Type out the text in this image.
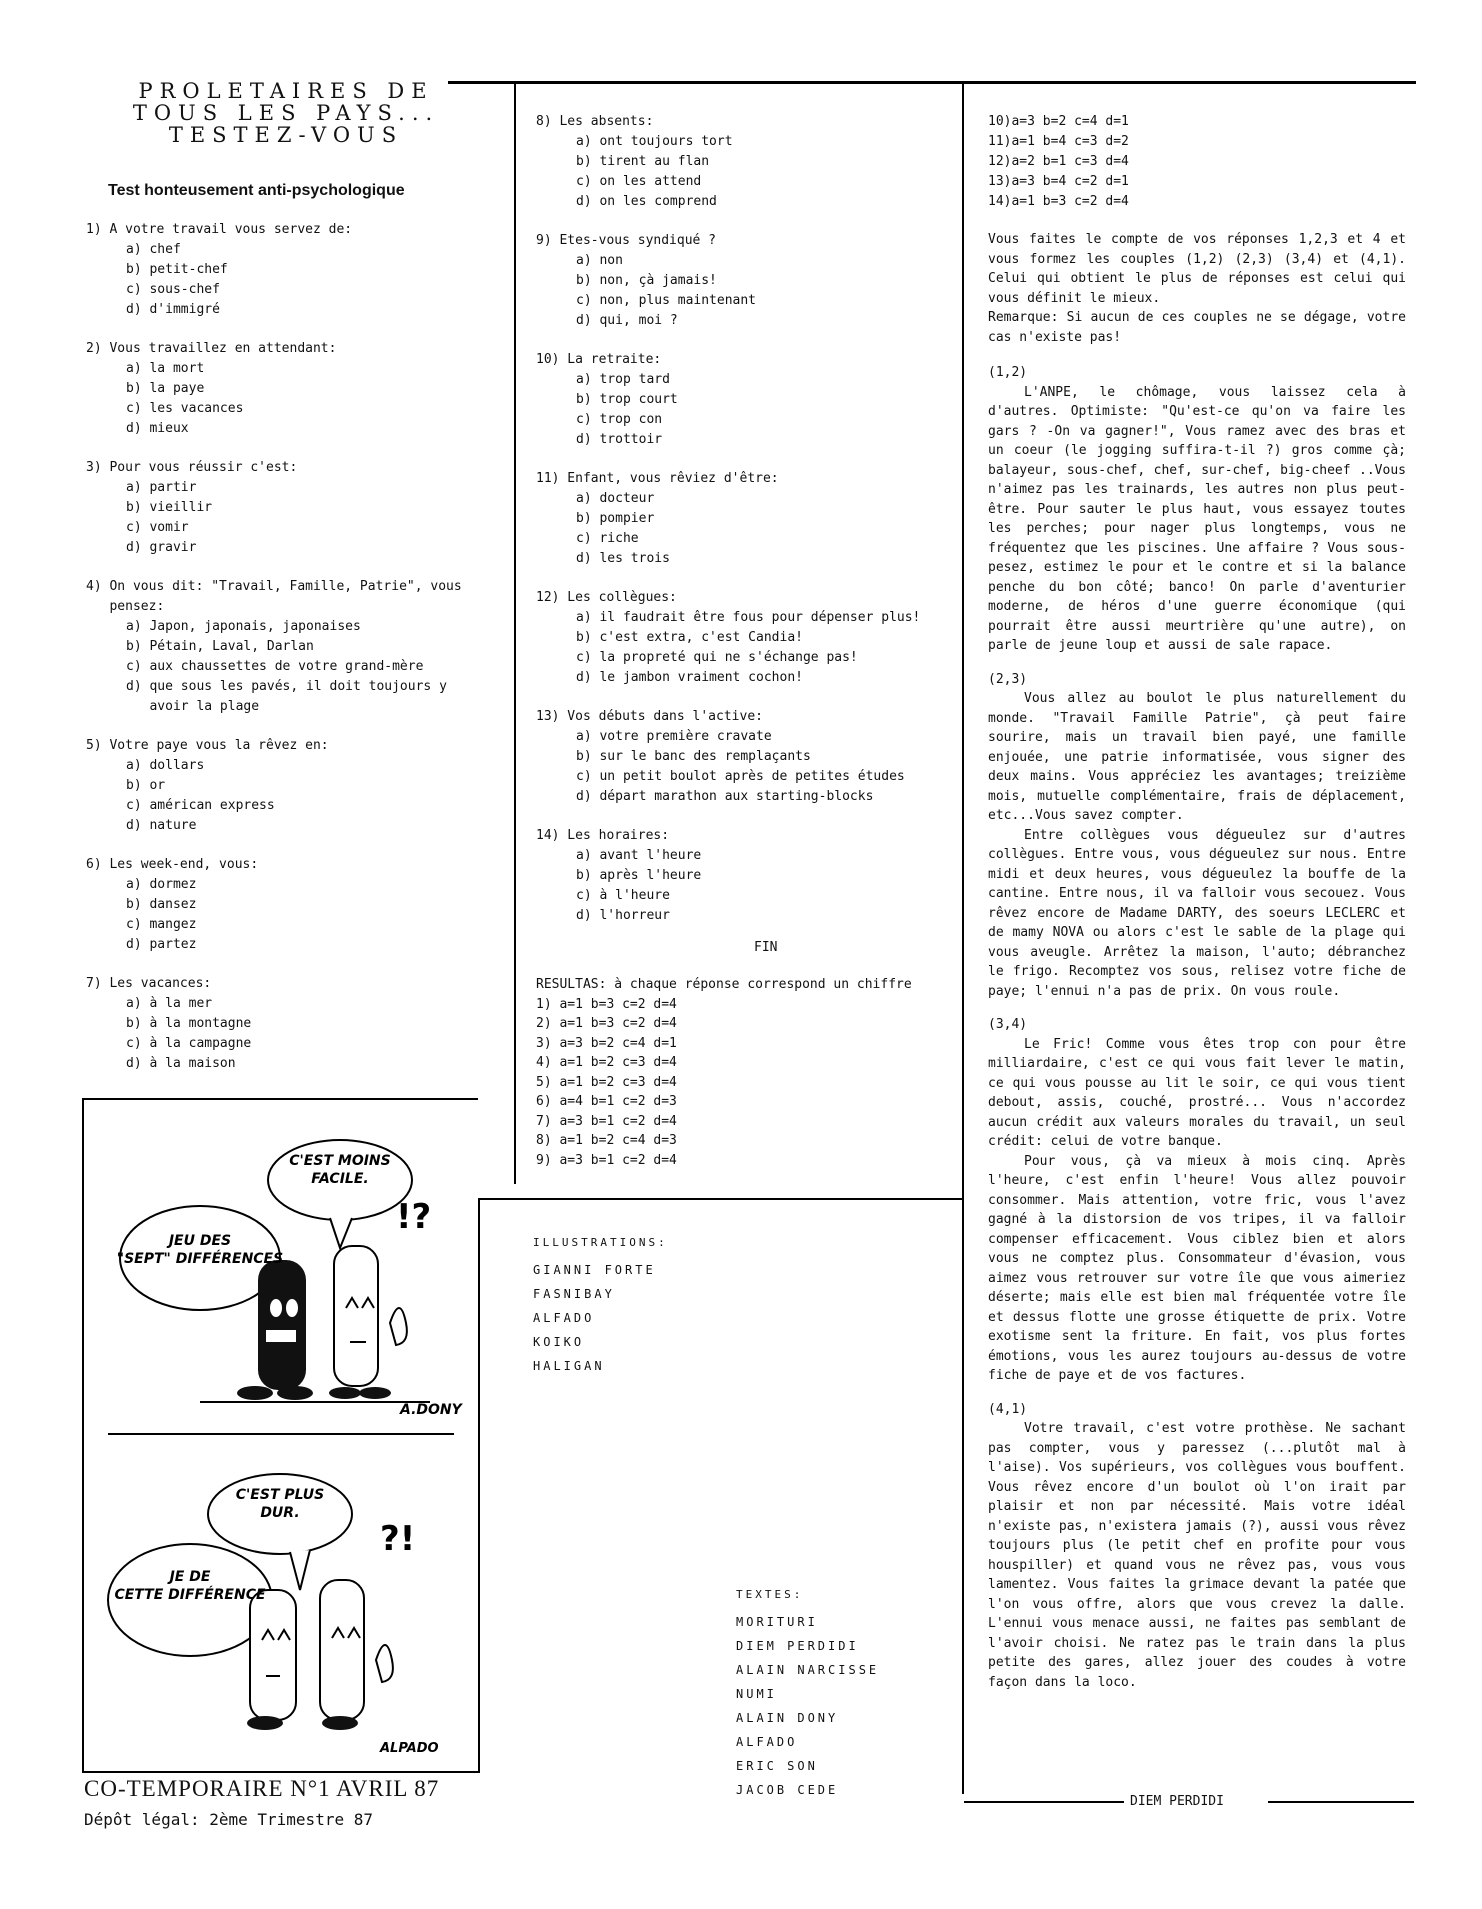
PROLETAIRES DE
TOUS LES PAYS...
TESTEZ-VOUS
Test honteusement anti-psychologique
1) A votre travail vous servez de:
a) chef
b) petit-chef
c) sous-chef
d) d'immigré
2) Vous travaillez en attendant:
a) la mort
b) la paye
c) les vacances
d) mieux
3) Pour vous réussir c'est:
a) partir
b) vieillir
c) vomir
d) gravir
4) On vous dit: "Travail, Famille, Patrie", vous
pensez:
a) Japon, japonais, japonaises
b) Pétain, Laval, Darlan
c) aux chaussettes de votre grand-mère
d) que sous les pavés, il doit toujours y
avoir la plage
5) Votre paye vous la rêvez en:
a) dollars
b) or
c) américan express
d) nature
6) Les week-end, vous:
a) dormez
b) dansez
c) mangez
d) partez
7) Les vacances:
a) à la mer
b) à la montagne
c) à la campagne
d) à la maison
8) Les absents:
a) ont toujours tort
b) tirent au flan
c) on les attend
d) on les comprend
9) Etes-vous syndiqué ?
a) non
b) non, çà jamais!
c) non, plus maintenant
d) qui, moi ?
10) La retraite:
a) trop tard
b) trop court
c) trop con
d) trottoir
11) Enfant, vous rêviez d'être:
a) docteur
b) pompier
c) riche
d) les trois
12) Les collègues:
a) il faudrait être fous pour dépenser plus!
b) c'est extra, c'est Candia!
c) la propreté qui ne s'échange pas!
d) le jambon vraiment cochon!
13) Vos débuts dans l'active:
a) votre première cravate
b) sur le banc des remplaçants
c) un petit boulot après de petites études
d) départ marathon aux starting-blocks
14) Les horaires:
a) avant l'heure
b) après l'heure
c) à l'heure
d) l'horreur
FIN
RESULTAS: à chaque réponse correspond un chiffre
1) a=1 b=3 c=2 d=4
2) a=1 b=3 c=2 d=4
3) a=3 b=2 c=4 d=1
4) a=1 b=2 c=3 d=4
5) a=1 b=2 c=3 d=4
6) a=4 b=1 c=2 d=3
7) a=3 b=1 c=2 d=4
8) a=1 b=2 c=4 d=3
9) a=3 b=1 c=2 d=4
10)a=3 b=2 c=4 d=1
11)a=1 b=4 c=3 d=2
12)a=2 b=1 c=3 d=4
13)a=3 b=4 c=2 d=1
14)a=1 b=3 c=2 d=4
Vous faites le compte de vos réponses 1,2,3 et 4 et vous formez les couples (1,2) (2,3) (3,4) et (4,1). Celui qui obtient le plus de réponses est celui qui vous définit le mieux.
Remarque: Si aucun de ces couples ne se dégage, votre cas n'existe pas!
(1,2)
L'ANPE, le chômage, vous laissez cela à d'autres. Optimiste: "Qu'est-ce qu'on va faire les gars ? -On va gagner!", Vous ramez avec des bras et un coeur (le jogging suffira-t-il ?) gros comme çà; balayeur, sous-chef, chef, sur-chef, big-cheef ..Vous n'aimez pas les trainards, les autres non plus peut-être. Pour sauter le plus haut, vous essayez toutes les perches; pour nager plus longtemps, vous ne fréquentez que les piscines. Une affaire ? Vous sous-pesez, estimez le pour et le contre et si la balance penche du bon côté; banco! On parle d'aventurier moderne, de héros d'une guerre économique (qui pourrait être aussi meurtrière qu'une autre), on parle de jeune loup et aussi de sale rapace.
(2,3)
Vous allez au boulot le plus naturellement du monde. "Travail Famille Patrie", çà peut faire sourire, mais un travail bien payé, une famille enjouée, une patrie informatisée, vous signer des deux mains. Vous appréciez les avantages; treizième mois, mutuelle complémentaire, frais de déplacement, etc...Vous savez compter.
Entre collègues vous dégueulez sur d'autres collègues. Entre vous, vous dégueulez sur nous. Entre midi et deux heures, vous dégueulez la bouffe de la cantine. Entre nous, il va falloir vous secouez. Vous rêvez encore de Madame DARTY, des soeurs LECLERC et de mamy NOVA ou alors c'est le sable de la plage qui vous aveugle. Arrêtez la maison, l'auto; débranchez le frigo. Recomptez vos sous, relisez votre fiche de paye; l'ennui n'a pas de prix. On vous roule.
(3,4)
Le Fric! Comme vous êtes trop con pour être milliardaire, c'est ce qui vous fait lever le matin, ce qui vous pousse au lit le soir, ce qui vous tient debout, assis, couché, prostré... Vous n'accordez aucun crédit aux valeurs morales du travail, un seul crédit: celui de votre banque.
Pour vous, çà va mieux à mois cinq. Après l'heure, c'est enfin l'heure! Vous allez pouvoir consommer. Mais attention, votre fric, vous l'avez gagné à la distorsion de vos tripes, il va falloir compenser efficacement. Vous ciblez bien et alors vous ne comptez plus. Consommateur d'évasion, vous aimez vous retrouver sur votre île que vous aimeriez déserte; mais elle est bien mal fréquentée votre île et dessus flotte une grosse étiquette de prix. Votre exotisme sent la friture. En fait, vos plus fortes émotions, vous les aurez toujours au-dessus de votre fiche de paye et de vos factures.
(4,1)
Votre travail, c'est votre prothèse. Ne sachant pas compter, vous y paressez (...plutôt mal à l'aise). Vos supérieurs, vos collègues vous bouffent. Vous rêvez encore d'un boulot où l'on irait par plaisir et non par nécessité. Mais votre idéal n'existe pas, n'existera jamais (?), aussi vous rêvez toujours plus (le petit chef en profite pour vous houspiller) et quand vous ne rêvez pas, vous vous lamentez. Vous faites la grimace devant la patée que l'on vous offre, alors que vous crevez la dalle. L'ennui vous menace aussi, ne faites pas semblant de l'avoir choisi. Ne ratez pas le train dans la plus petite des gares, allez jouer des coudes à votre façon dans la loco.
DIEM PERDIDI
C'EST MOINS FACILE.
JEU DES "SEPT" DIFFÉRENCES
!?
A.DONY
C'EST PLUS DUR.
JE DE CETTE DIFFÉRENCE
?!
ALPADO
ILLUSTRATIONS:
GIANNI FORTE
FASNIBAY
ALFADO
KOIKO
HALIGAN
TEXTES:
MORITURI
DIEM PERDIDI
ALAIN NARCISSE
NUMI
ALAIN DONY
ALFADO
ERIC SON
JACOB CEDE
CO-TEMPORAIRE N°1 AVRIL 87
Dépôt légal: 2ème Trimestre 87
